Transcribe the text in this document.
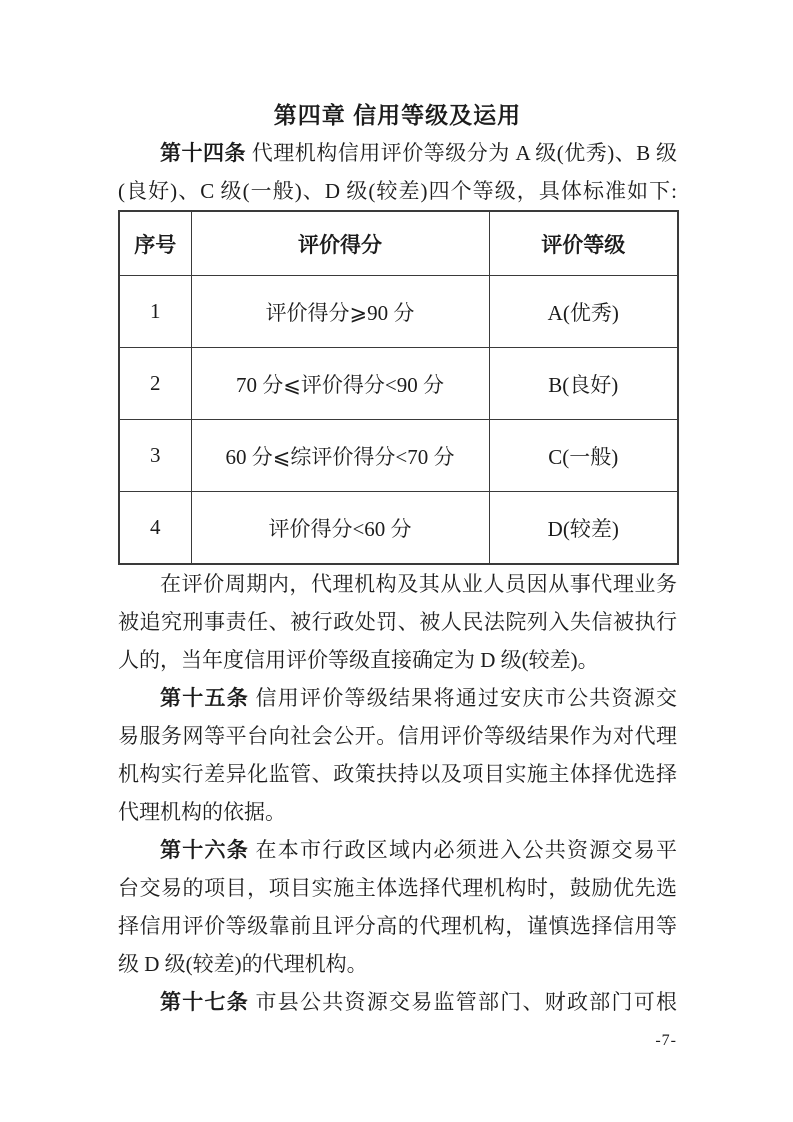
第四章 信用等级及运用
第十四条 代理机构信用评价等级分为 A 级(优秀)、B 级
(良好)、C 级(一般)、D 级(较差)四个等级，具体标准如下:
序号	评价得分	评价等级
1	评价得分⩾90 分	A(优秀)
2	70 分⩽评价得分<90 分	B(良好)
3	60 分⩽综评价得分<70 分	C(一般)
4	评价得分<60 分	D(较差)
在评价周期内，代理机构及其从业人员因从事代理业务
被追究刑事责任、被行政处罚、被人民法院列入失信被执行
人的，当年度信用评价等级直接确定为 D 级(较差)。
第十五条 信用评价等级结果将通过安庆市公共资源交
易服务网等平台向社会公开。信用评价等级结果作为对代理
机构实行差异化监管、政策扶持以及项目实施主体择优选择
代理机构的依据。
第十六条 在本市行政区域内必须进入公共资源交易平
台交易的项目，项目实施主体选择代理机构时，鼓励优先选
择信用评价等级靠前且评分高的代理机构，谨慎选择信用等
级 D 级(较差)的代理机构。
第十七条 市县公共资源交易监管部门、财政部门可根
-7-
